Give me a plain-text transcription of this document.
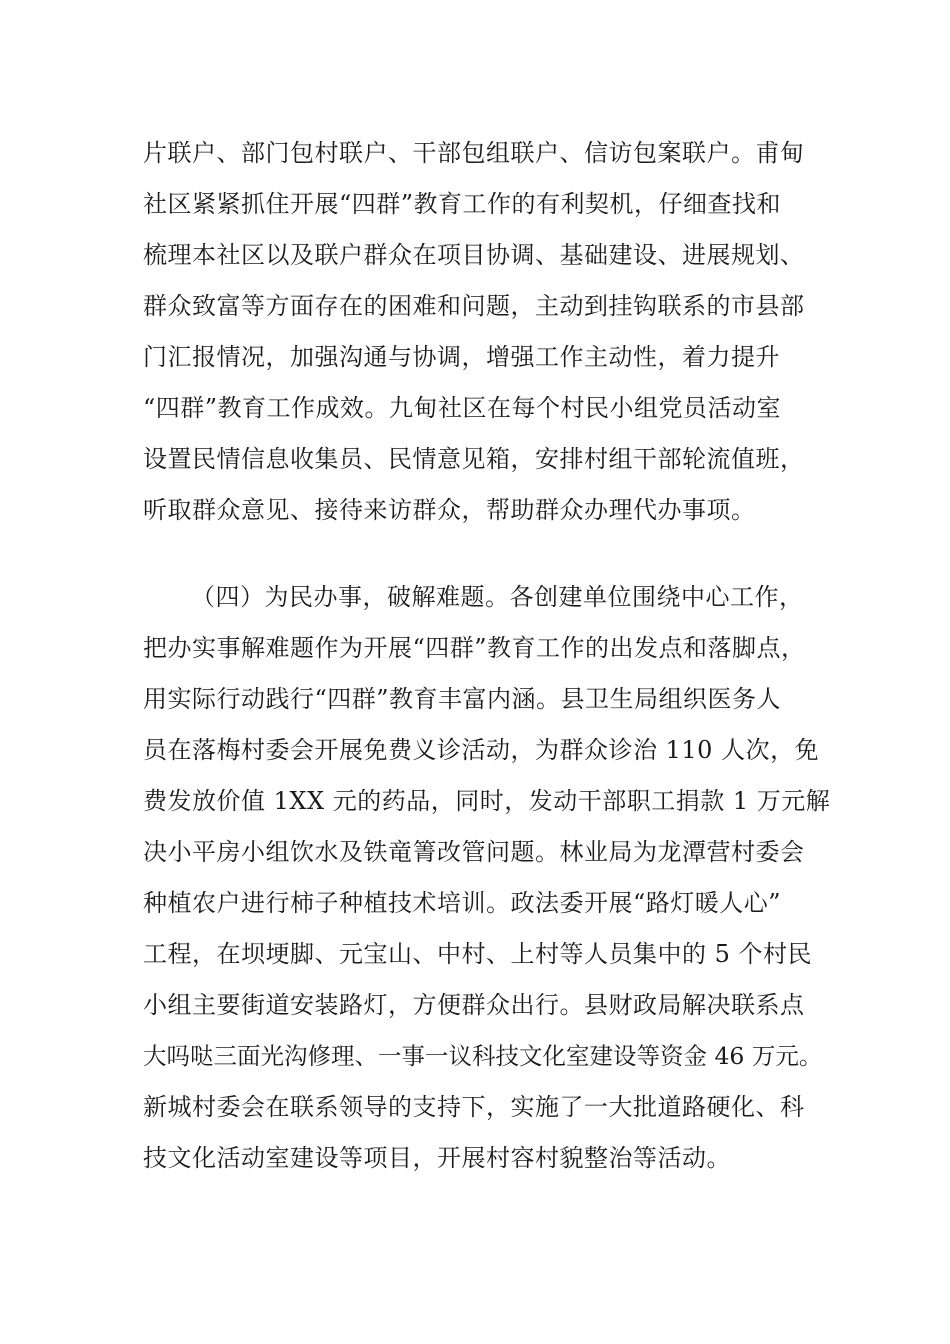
片联户、部门包村联户、干部包组联户、信访包案联户。甫甸
社区紧紧抓住开展“四群”教育工作的有利契机，仔细查找和
梳理本社区以及联户群众在项目协调、基础建设、进展规划、
群众致富等方面存在的困难和问题，主动到挂钩联系的市县部
门汇报情况，加强沟通与协调，增强工作主动性，着力提升
“四群”教育工作成效。九甸社区在每个村民小组党员活动室
设置民情信息收集员、民情意见箱，安排村组干部轮流值班，
听取群众意见、接待来访群众，帮助群众办理代办事项。
（四）为民办事，破解难题。各创建单位围绕中心工作，
把办实事解难题作为开展“四群”教育工作的出发点和落脚点，
用实际行动践行“四群”教育丰富内涵。县卫生局组织医务人
员在落梅村委会开展免费义诊活动，为群众诊治 110 人次，免
费发放价值 1XX 元的药品，同时，发动干部职工捐款 1 万元解
决小平房小组饮水及铁竜箐改管问题。林业局为龙潭营村委会
种植农户进行柿子种植技术培训。政法委开展“路灯暖人心”
工程，在坝埂脚、元宝山、中村、上村等人员集中的 5 个村民
小组主要街道安装路灯，方便群众出行。县财政局解决联系点
大吗哒三面光沟修理、一事一议科技文化室建设等资金 46 万元。
新城村委会在联系领导的支持下，实施了一大批道路硬化、科
技文化活动室建设等项目，开展村容村貌整治等活动。
